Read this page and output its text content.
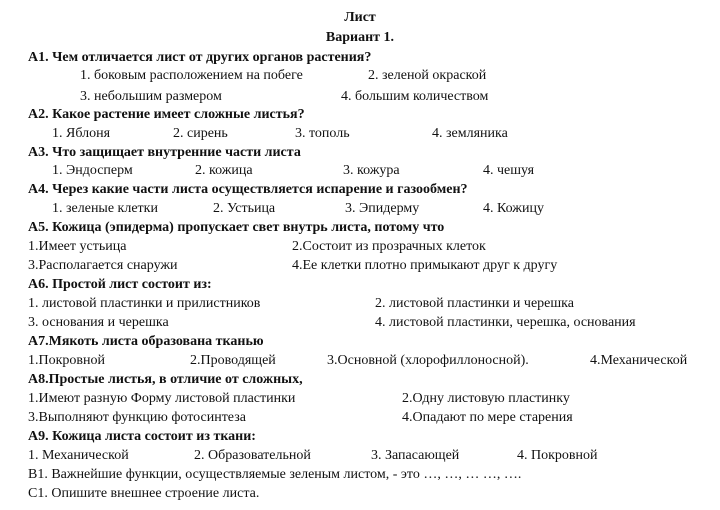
Лист
Вариант 1.
А1. Чем отличается лист от других органов растения?
1. боковым расположением на побеге	2. зеленой окраской
3. небольшим размером	4. большим количеством
А2. Какое растение имеет сложные листья?
1. Яблоня	2. сирень	3. тополь	4. земляника
А3. Что защищает внутренние части листа
1. Эндосперм	2. кожица	3. кожура	4. чешуя
А4. Через какие части листа осуществляется испарение и газообмен?
1. зеленые клетки	2. Устьица	3. Эпидерму	4. Кожицу
А5. Кожица (эпидерма) пропускает свет внутрь листа, потому что
1.Имеет устьица	2.Состоит из прозрачных клеток
3.Располагается снаружи	4.Ее клетки плотно примыкают друг к другу
А6. Простой лист состоит из:
1. листовой пластинки и прилистников	2. листовой пластинки и черешка
3. основания и черешка	4. листовой пластинки, черешка, основания
А7.Мякоть листа образована тканью
1.Покровной	2.Проводящей	3.Основной (хлорофиллоносной).	4.Механической
А8.Простые листья, в отличие от сложных,
1.Имеют разную Форму листовой пластинки	2.Одну листовую пластинку
3.Выполняют функцию фотосинтеза	4.Опадают по мере старения
А9. Кожица листа состоит из ткани:
1. Механической	2. Образовательной	3. Запасающей	4. Покровной
В1. Важнейшие функции, осуществляемые зеленым листом, - это …, …, … …, ….
С1. Опишите внешнее строение листа.
